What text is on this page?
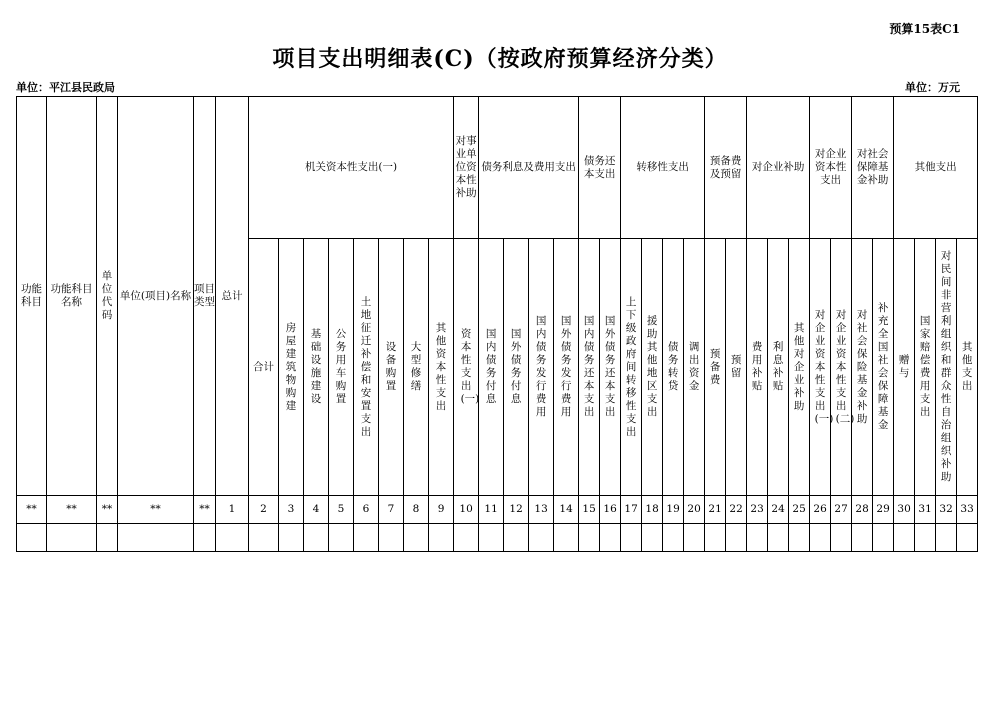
预算15表C1
项目支出明细表(C)（按政府预算经济分类）
单位：平江县民政局	单位：万元
功能科目	功能科目名称	单位代码	单位(项目)名称	项目类型	总计	机关资本性支出(一)								对事业单位资本性补助	债务利息及费用支出				债务还本支出		转移性支出				预备费及预留		对企业补助			对企业资本性支出		对社会保障基金补助		其他支出			
						合计	房屋建筑物购建	基础设施建设	公务用车购置	土地征迁补偿和安置支出	设备购置	大型修缮	其他资本性支出	资本性支出(一)	国内债务付息	国外债务付息	国内债务发行费用	国外债务发行费用	国内债务还本支出	国外债务还本支出	上下级政府间转移性支出	援助其他地区支出	债务转贷	调出资金	预备费	预留	费用补贴	利息补贴	其他对企业补助	对企业资本性支出(一)	对企业资本性支出(二)	对社会保险基金补助	补充全国社会保障基金	赠与	国家赔偿费用支出	对民间非营利组织和群众性自治组织补助	其他支出
**	**	**	**	**	1	2	3	4	5	6	7	8	9	10	11	12	13	14	15	16	17	18	19	20	21	22	23	24	25	26	27	28	29	30	31	32	33
